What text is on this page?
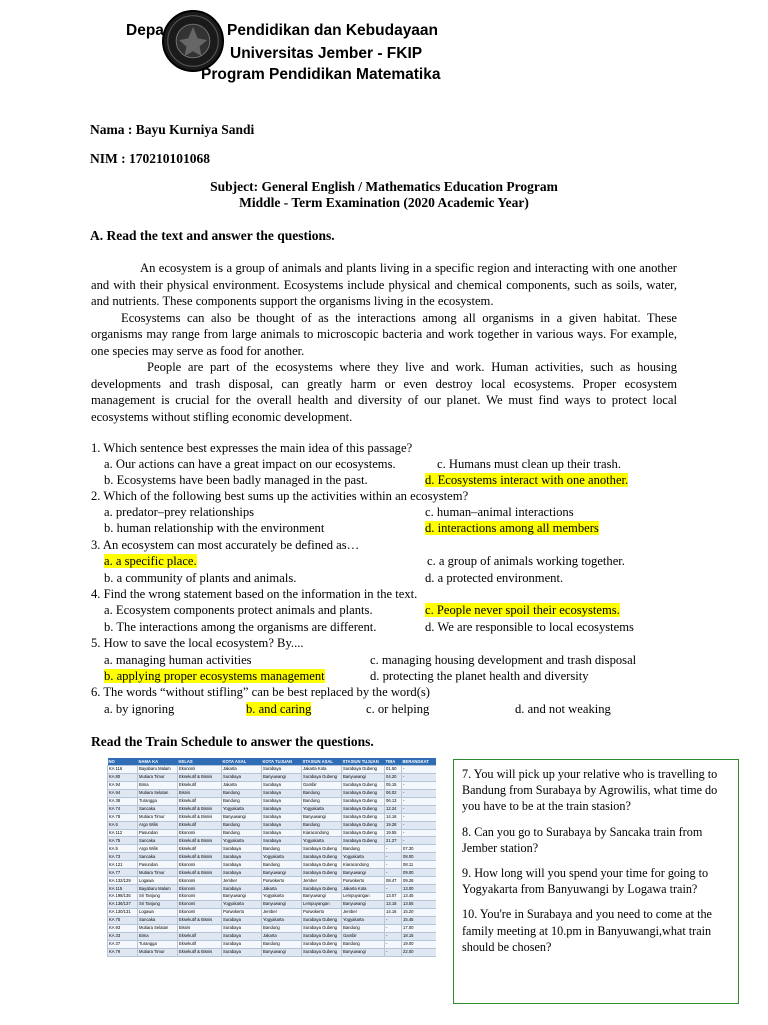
Depa	Pendidikan dan Kebudayaan
Universitas Jember - FKIP
Program Pendidikan Matematika
Nama : Bayu Kurniya Sandi
NIM : 170210101068
Subject: General English / Mathematics Education Program
Middle - Term Examination (2020 Academic Year)
A. Read the text and answer the questions.

An ecosystem is a group of animals and plants living in a specific region and interacting with one another and with their physical environment. Ecosystems include physical and chemical components, such as soils, water, and nutrients. These components support the organisms living in the ecosystem.

Ecosystems can also be thought of as the interactions among all organisms in a given habitat. These organisms may range from large animals to microscopic bacteria and work together in various ways. For example, one species may serve as food for another.

People are part of the ecosystems where they live and work. Human activities, such as housing developments and trash disposal, can greatly harm or even destroy local ecosystems. Proper ecosystem management is crucial for the overall health and diversity of our planet. We must find ways to protect local ecosystems without stifling economic development.

1. Which sentence best expresses the main idea of this passage?
a. Our actions can have a great impact on our ecosystems.	c. Humans must clean up their trash.
b. Ecosystems have been badly managed in the past.	d. Ecosystems interact with one another.
2. Which of the following best sums up the activities within an ecosystem?
a. predator–prey relationships	c. human–animal interactions
b. human relationship with the environment	d. interactions among all members
3. An ecosystem can most accurately be defined as…
a. a specific place.	c. a group of animals working together.
b. a community of plants and animals.	d. a protected environment.
4. Find the wrong statement based on the information in the text.
a. Ecosystem components protect animals and plants.	c. People never spoil their ecosystems.
b. The interactions among the organisms are different.	d. We are responsible to local ecosystems
5. How to save the local ecosystem? By....
a. managing human activities	c. managing housing development and trash disposal
b. applying proper ecosystems management	d. protecting the planet health and diversity
6. The words “without stifling” can be best replaced by the word(s)
a. by ignoring	b. and caring	c. or helping	d. and not weaking
Read the Train Schedule to answer the questions.
NO	NAMA KA	KELAS	KOTA ASAL	KOTA TUJUAN	STASIUN ASAL	STASIUN TUJUAN	TIBA	BERANGKAT
KA 116	Bayabaru Malam	Ekonomi	Jakarta	Surabaya	Jakarta Kota	Surabaya Gubeng	01.50	-
KA 80	Mutiara Timur	Eksekutif & Bisnis	Surabaya	Banyuwangi	Surabaya Gubeng	Banyuwangi	04.20	-
KA 94	Bima	Eksekutif	Jakarta	Surabaya	Gambir	Surabaya Gubeng	05.15	-
KA 94	Mutiara Selatan	Bisnis	Bandung	Surabaya	Bandung	Surabaya Gubeng	06.02	-
KA 38	Turangga	Eksekutif	Bandung	Surabaya	Bandung	Surabaya Gubeng	06.13	-
KA 74	Sancaka	Eksekutif & Bisnis	Yogyakarta	Surabaya	Yogyakarta	Surabaya Gubeng	12.24	-
KA 78	Mutiara Timur	Eksekutif & Bisnis	Banyuwangi	Surabaya	Banyuwangi	Surabaya Gubeng	14.16	-
KA 6	Argo Wilis	Eksekutif	Bandung	Surabaya	Bandung	Surabaya Gubeng	19.28	-
KA 112	Pasundan	Ekonomi	Bandung	Surabaya	Kiaracondong	Surabaya Gubeng	19.55	-
KA 75	Sancaka	Eksekutif & Bisnis	Yogyakarta	Surabaya	Yogyakarta	Surabaya Gubeng	21.27	-
KA 5	Argo Wilis	Eksekutif	Surabaya	Bandung	Surabaya Gubeng	Bandung	-	07.30
KA 73	Sancaka	Eksekutif & Bisnis	Surabaya	Yogyakarta	Surabaya Gubeng	Yogyakarta	-	08.00
KA 121	Pasundan	Ekonomi	Surabaya	Bandung	Surabaya Gubeng	Kiaracondong	-	08.11
KA 77	Mutiara Timur	Eksekutif & Bisnis	Surabaya	Banyuwangi	Surabaya Gubeng	Banyuwangi	-	09.00
KA 132/129	Logawa	Ekonomi	Jember	Purwokerto	Jember	Purwokerto	08.47	09.28
KA 115	Bayabaru Malam	Ekonomi	Surabaya	Jakarta	Surabaya Gubeng	Jakarta Kota	-	13.00
KA 198/135	Sri Tanjung	Ekonomi	Banyuwangi	Yogyakarta	Banyuwangi	Lempuyangan	13.07	13.45
KA 136/137	Sri Tanjung	Ekonomi	Yogyakarta	Banyuwangi	Lempuyangan	Banyuwangi	13.18	13.55
KA 130/131	Logawa	Ekonomi	Purwokerto	Jember	Purwokerto	Jember	14.16	15.20
KA 75	Sancaka	Eksekutif & Bisnis	Surabaya	Yogyakarta	Surabaya Gubeng	Yogyakarta	-	15.45
KA 93	Mutiara Selatan	Bisnis	Surabaya	Bandung	Surabaya Gubeng	Bandung	-	17.00
KA 33	Bima	Eksekutif	Surabaya	Jakarta	Surabaya Gubeng	Gambir	-	18.15
KA 37	Turangga	Eksekutif	Surabaya	Bandung	Surabaya Gubeng	Bandung	-	19.00
KA 79	Mutiara Timur	Eksekutif & Bisnis	Surabaya	Banyuwangi	Surabaya Gubeng	Banyuwangi	-	22.00
7. You will pick up your relative who is travelling to Bandung from Surabaya by Agrowilis, what time do you have to be at the train stasion?
8. Can you go to Surabaya by Sancaka train from Jember station?
9. How long will you spend your time for going to Yogyakarta from Banyuwangi by Logawa train?
10. You're in Surabaya and you need to come at the family meeting at 10.pm in Banyuwangi,what train should be chosen?
